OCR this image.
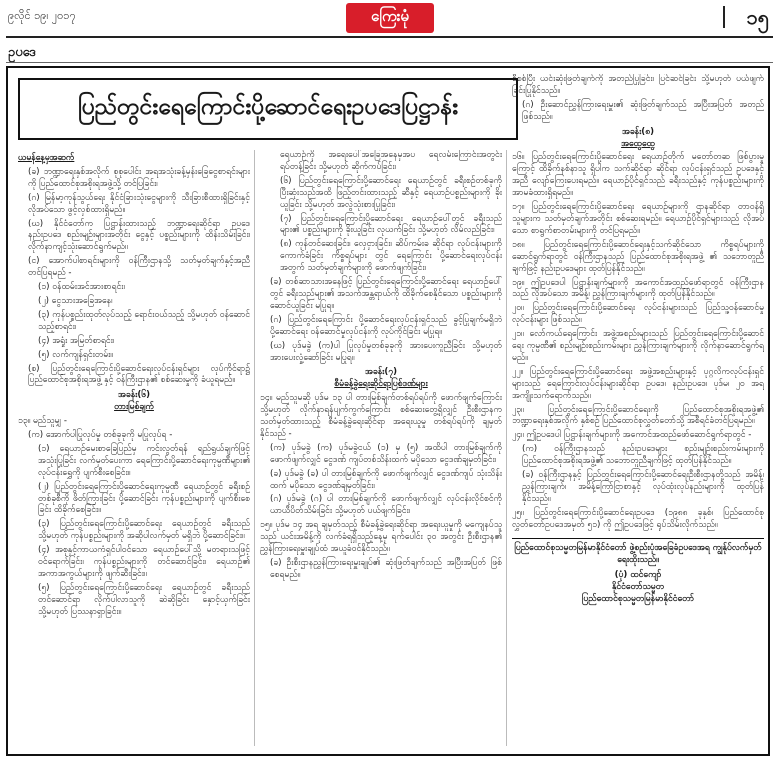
၉လိုင် ၁၉၊ ၂၀၁၇	ကြေးမုံ	၁၅
ဥပဒေ
ပြည်တွင်းရေကြောင်းပို့ဆောင်ရေးဥပဒေပြဋ္ဌာန်း

ယမန်နေ့မှအဆက်

(ခ) ဘဏ္ဍာရေးနှစ်အလိုက် စုစုပေါင်း အရအသုံးခန့်မှန်းခြေငွေစာရင်းများကို ပြည်ထောင်စုအစိုးရအဖွဲ့သို့ တင်ပြခြင်း၊

(ဂ) မြန်မာ့ကုန်သွယ်ရေး နိုင်ငံခြားသုံးငွေများကို သီးခြားစီထားရှိခြင်းနှင့် လိုအပ်သော ဖွင့်လှစ်ထားရှိမည်။

(ဃ) နိုင်ငံတော်က ပြဋ္ဌာန်းထားသည့် ဘဏ္ဍာရေးဆိုင်ရာ ဥပဒေ နည်းဥပဒေ စည်းမျဉ်းများအတိုင်း ငွေနှင့် ပစ္စည်းများကို ထိန်းသိမ်းခြင်း၊ လိုက်နာကျင့်သုံးဆောင်ရွက်မည်။

(င) အောက်ပါစာရင်းများကို ဝန်ကြီးဌာနသို့ သတ်မှတ်ချက်နှင့်အညီ တင်ပြရမည် -

(၁) ဝန်ထမ်းအင်အားစာရင်း၊

(၂) ငွေသားအခြေအနေ၊

(၃) ကုန်ပစ္စည်းထုတ်လုပ်သည့် ရောင်းဝယ်သည့် သို့မဟုတ် ဝန်ဆောင်သည့်စာရင်း၊

(၄) အရှုံး အမြတ်စာရင်း၊

(၅) လက်ကျန်ရှင်းတမ်း။

(စ) ပြည်တွင်းရေကြောင်းပို့ဆောင်ရေးလုပ်ငန်းရှင်များ လုပ်ကိုင်ရာ၌ ပြည်ထောင်စုအစိုးရအဖွဲ့ နှင့် ဝန်ကြီးဌာန၏ စစ်ဆေးမှုကို ခံယူရမည်။

အခန်း(၆)
တားမြစ်ချက်

၁၃။ မည်သူမျှ -

(က) အောက်ပါပြုလုပ်မှု တစ်ခုခုကို မပြုလုပ်ရ -

(၁) ရေယာဉ်မေးစာခြေပြည်မှ ကင်းလွတ်ရန် ရည်ရွယ်ချက်ဖြင့် အသုံးပြုခြင်း လက်မှတ်ပေးကာ ရေကြောင်းပို့ဆောင်ရေးကုမ္ပဏီများ၏ လုပ်ငန်းရွှေကို ပျက်စီးစေခြင်း။

(၂) ပြည်တွင်းရေကြောင်းပို့ဆောင်ရေးကုမ္ပဏီ ရေယာဉ်တွင် ခရီးစဉ်တစ်ခုစီကို ဖိတ်ကြားခြင်း ပို့ဆောင်ခြင်း ကုန်ပစ္စည်းများကို ပျက်စီးစေခြင်း ထိခိုက်စေခြင်း။

(၃) ပြည်တွင်းရေကြောင်းပို့ဆောင်ရေး ရေယာဉ်တွင် ခရီးသည် သို့မဟုတ် ကုန်ပစ္စည်းများကို အဆိုပါလက်မှတ် မရှိဘဲ ပို့ဆောင်ခြင်း။

(၄) အစုနှင့်ကာယကံရှင်ပါဝင်သော ရေယာဉ်ပေါ်သို့ မတရားသဖြင့် ဝင်ရောက်ခြင်း၊ ကုန်ပစ္စည်းများကို တင်ဆောင်ခြင်း၊ ရေယာဉ်၏ အကာအကွယ်များကို ဖျက်ဆီးခြင်း။

(၅) ပြည်တွင်းရေကြောင်းပို့ဆောင်ရေး ရေယာဉ်တွင် ခရီးသည်တင်ဆောင်ရာ လိုက်ပါလာသူကို ဆဲဆိုခြင်း နှောင့်ယှက်ခြင်း သို့မဟုတ် ပြဿနာရှာခြင်း။

ရေယာဉ်ကို အရေးပေါ်အခြေအနေမှအပ ရေလမ်းကြောင်းအတွင်း ရပ်တန့်ခြင်း သို့မဟုတ် ဆိုက်ကပ်ခြင်း၊

(၆) ပြည်တွင်းရေကြောင်းပို့ဆောင်ရေး ရေယာဉ်တွင် ခရီးစဉ်တစ်ခုကို ပြီးဆုံးသည်အထိ ဖြည့်တင်းထားသည့် ဆီနှင့် ရေယာဉ်ပစ္စည်းများကို ခိုးယူခြင်း သို့မဟုတ် အလွဲသုံးစားပြုခြင်း၊

(၇) ပြည်တွင်းရေကြောင်းပို့ဆောင်ရေး ရေယာဉ်ပေါ်တွင် ခရီးသည်များ၏ ပစ္စည်းများကို ခိုးယူခြင်း လုယက်ခြင်း သို့မဟုတ် လိမ်လည်ခြင်း၊

(၈) ကုန်တင်ဆေးခြင်း၊ လှေငှားခြင်း၊ ဆိပ်ကမ်းခ ဆိုင်ရာ လုပ်ငန်းများကို ကောက်ခံခြင်း ကိစ္စရပ်များ တွင် ရေကြောင်း ပို့ဆောင်ရေးလုပ်ငန်းအတွက် သတ်မှတ်ချက်များကို ဖောက်ဖျက်ခြင်း၊

(ခ) တစ်ဆာသားအနေဖြင့် ပြည်တွင်းရေကြောင်းပို့ဆောင်ရေး ရေယာဉ်ပေါ်တွင် ခရီးသည်များ၏ အသက်အန္တရာယ်ကို ထိခိုက်စေနိုင်သော ပစ္စည်းများကို ဆောင်ယူခြင်း မပြုရ။

(ဂ) ပြည်တွင်းရေကြောင်း ပို့ဆောင်ရေးလုပ်ငန်းရှင်သည် ခွင့်ပြုချက်မရှိဘဲ ပို့ဆောင်ရေး ဝန်ဆောင်မှုလုပ်ငန်းကို လုပ်ကိုင်ခြင်း မပြုရ။

(ဃ) ပုဒ်မခွဲ (က)ပါ ပြုလုပ်မှုတစ်ခုခုကို အားပေးကူညီခြင်း သို့မဟုတ် အားပေးလှုံ့ဆော်ခြင်း မပြုရ။

အခန်း(၇)
စီမံခန့်ခွဲရေးဆိုင်ရာပြစ်ဒဏ်များ

၁၄။ မည်သူမဆို ပုဒ်မ ၁၃ ပါ တားမြစ်ချက်တစ်ရပ်ရပ်ကို ဖောက်ဖျက်ကြောင်း သို့မဟုတ် လိုက်နာရန်ပျက်ကွက်ကြောင်း စစ်ဆေးတွေ့ရှိလျှင် ဦးစီးဌာနက သတ်မှတ်ထားသည့် စီမံခန့်ခွဲရေးဆိုင်ရာ အရေးယူမှု တစ်ရပ်ရပ်ကို ချမှတ်နိုင်သည် -

(က) ပုဒ်မခွဲ (က) ပုဒ်မခွဲငယ် (၁) မှ (၅) အထိပါ တားမြစ်ချက်ကို ဖောက်ဖျက်လျှင် ငွေဒဏ် ကျပ်တစ်သိန်းထက် မပိုသော ငွေဒဏ်ချမှတ်ခြင်း၊

(ခ) ပုဒ်မခွဲ (ခ) ပါ တားမြစ်ချက်ကို ဖောက်ဖျက်လျှင် ငွေဒဏ်ကျပ် သုံးသိန်းထက် မပိုသော ငွေဒဏ်ချမှတ်ခြင်း၊

(ဂ) ပုဒ်မခွဲ (ဂ) ပါ တားမြစ်ချက်ကို ဖောက်ဖျက်လျှင် လုပ်ငန်းလိုင်စင်ကို ယာယီပိတ်သိမ်းခြင်း သို့မဟုတ် ပယ်ဖျက်ခြင်း၊

၁၅။ ပုဒ်မ ၁၄ အရ ချမှတ်သည့် စီမံခန့်ခွဲရေးဆိုင်ရာ အရေးယူမှုကို မကျေနပ်သူသည် ယင်းအမိန့်ကို လက်ခံရရှိသည့်နေ့မှ ရက်ပေါင်း ၃၀ အတွင်း ဦးစီးဌာန၏ ညွှန်ကြားရေးမှူးချုပ်ထံ အယူခံဝင်နိုင်သည်။

(ခ) ဦးစီးဌာနညွှန်ကြားရေးမှူးချုပ်၏ ဆုံးဖြတ်ချက်သည် အပြီးအပြတ် ဖြစ်စေရမည်။

စီစစ်ပြီး ယင်းဆုံးဖြတ်ချက်ကို အတည်ပြုခြင်း၊ ပြင်ဆင်ခြင်း သို့မဟုတ် ပယ်ဖျက်ခြင်းပြုနိုင်သည်။

(ဂ) ဦးဆောင်ညွှန်ကြားရေးမှူး၏ ဆုံးဖြတ်ချက်သည် အပြီးအပြတ် အတည်ဖြစ်သည်။

အခန်း(၈)
အထွေထွေ

၁၆။ ပြည်တွင်းရေကြောင်းပို့ဆောင်ရေး ရေယာဉ်တိုက် မတော်တဆ ဖြစ်ပွားမှုကြောင့် ထိခိုက်နစ်နာသူ ရှိပါက သက်ဆိုင်ရာ ဆိုင်ရာ လုပ်ငန်းရှင်သည် ဥပဒေနှင့်အညီ လျော်ကြေးပေးရမည်။ ရေယာဉ်ပိုင်ရှင်သည် ခရီးသည်နှင့် ကုန်ပစ္စည်းများကို အာမခံထားရှိရမည်။

၁၇။ ပြည်တွင်းရေကြောင်းပို့ဆောင်ရေး ရေယာဉ်များကို ဌာနဆိုင်ရာ တာဝန်ရှိသူများက သတ်မှတ်ချက်အတိုင်း စစ်ဆေးရမည်။ ရေယာဉ်ပိုင်ရှင်များသည် လိုအပ်သော စာရွက်စာတမ်းများကို တင်ပြရမည်။

၁၈။ ပြည်တွင်းရေကြောင်းပို့ဆောင်ရေးနှင့်သက်ဆိုင်သော ကိစ္စရပ်များကို ဆောင်ရွက်ရာတွင် ဝန်ကြီးဌာနသည် ပြည်ထောင်စုအစိုးရအဖွဲ့ ၏ သဘောတူညီချက်ဖြင့် နည်းဥပဒေများ ထုတ်ပြန်နိုင်သည်။

၁၉။ ဤဥပဒေပါ ပြဋ္ဌာန်းချက်များကို အကောင်အထည်ဖော်ရာတွင် ဝန်ကြီးဌာနသည် လိုအပ်သော အမိန့်၊ ညွှန်ကြားချက်များကို ထုတ်ပြန်နိုင်သည်။

၂၀။ ပြည်တွင်းရေကြောင်းပို့ဆောင်ရေး လုပ်ငန်းများသည် ပြည်သူ့ဝန်ဆောင်မှုလုပ်ငန်းများ ဖြစ်သည်။

၂၁။ လော်ကယ်ရေကြောင်း အဖွဲ့အစည်းများသည် ပြည်တွင်းရေကြောင်းပို့ဆောင်ရေး ကုမ္ပဏီ၏ စည်းမျဉ်းစည်းကမ်းများ ညွှန်ကြားချက်များကို လိုက်နာဆောင်ရွက်ရမည်။

၂၂။ ပြည်တွင်းရေကြောင်းပို့ဆောင်ရေး အဖွဲ့အစည်းများနှင့် ပုဂ္ဂလိကလုပ်ငန်းရှင်များသည် ရေကြောင်းလုပ်ငန်းများဆိုင်ရာ ဥပဒေ၊ နည်းဥပဒေ၊ ပုဒ်မ၊ ၂၀ အရ အကျိုးသက်ရောက်သည်။

၂၃။ ပြည်တွင်းရေကြောင်းပို့ဆောင်ရေးကို ပြည်ထောင်စုအစိုးရအဖွဲ့၏ ဘဏ္ဍာရေးနှစ်အလိုက် နှစ်စဉ် ပြည်ထောင်စုလွှတ်တော်သို့ အစီရင်ခံတင်ပြရမည်။

၂၄။ ဤဥပဒေပါ ပြဋ္ဌာန်းချက်များကို အကောင်အထည်ဖော်ဆောင်ရွက်ရာတွင် -

(က) ဝန်ကြီးဌာနသည် နည်းဥပဒေများ စည်းမျဉ်းစည်းကမ်းများကို ပြည်ထောင်စုအစိုးရအဖွဲ့၏ သဘောတူညီချက်ဖြင့် ထုတ်ပြန်နိုင်သည်။

(ခ) ဝန်ကြီးဌာနနှင့် ပြည်တွင်းရေကြောင်းပို့ဆောင်ရေးဦးစီးဌာနတို့သည် အမိန့်၊ ညွှန်ကြားချက်၊ အမိန့်ကြော်ငြာစာနှင့် လုပ်ထုံးလုပ်နည်းများကို ထုတ်ပြန်နိုင်သည်။

၂၅။ ပြည်တွင်းရေကြောင်းပို့ဆောင်ရေးဥပဒေ (၁၉၈၈ ခုနှစ်၊ ပြည်ထောင်စုလွှတ်တော်ဥပဒေအမှတ် ၅၁) ကို ဤဥပဒေဖြင့် ရုပ်သိမ်းလိုက်သည်။

ပြည်ထောင်စုသမ္မတမြန်မာနိုင်ငံတော် ဖွဲ့စည်းပုံအခြေခံဥပဒေအရ ကျွန်ုပ်လက်မှတ်ရေးထိုးသည်။

(ပုံ) ထင်ကျော်
နိုင်ငံတော်သမ္မတ
ပြည်ထောင်စုသမ္မတမြန်မာနိုင်ငံတော်
